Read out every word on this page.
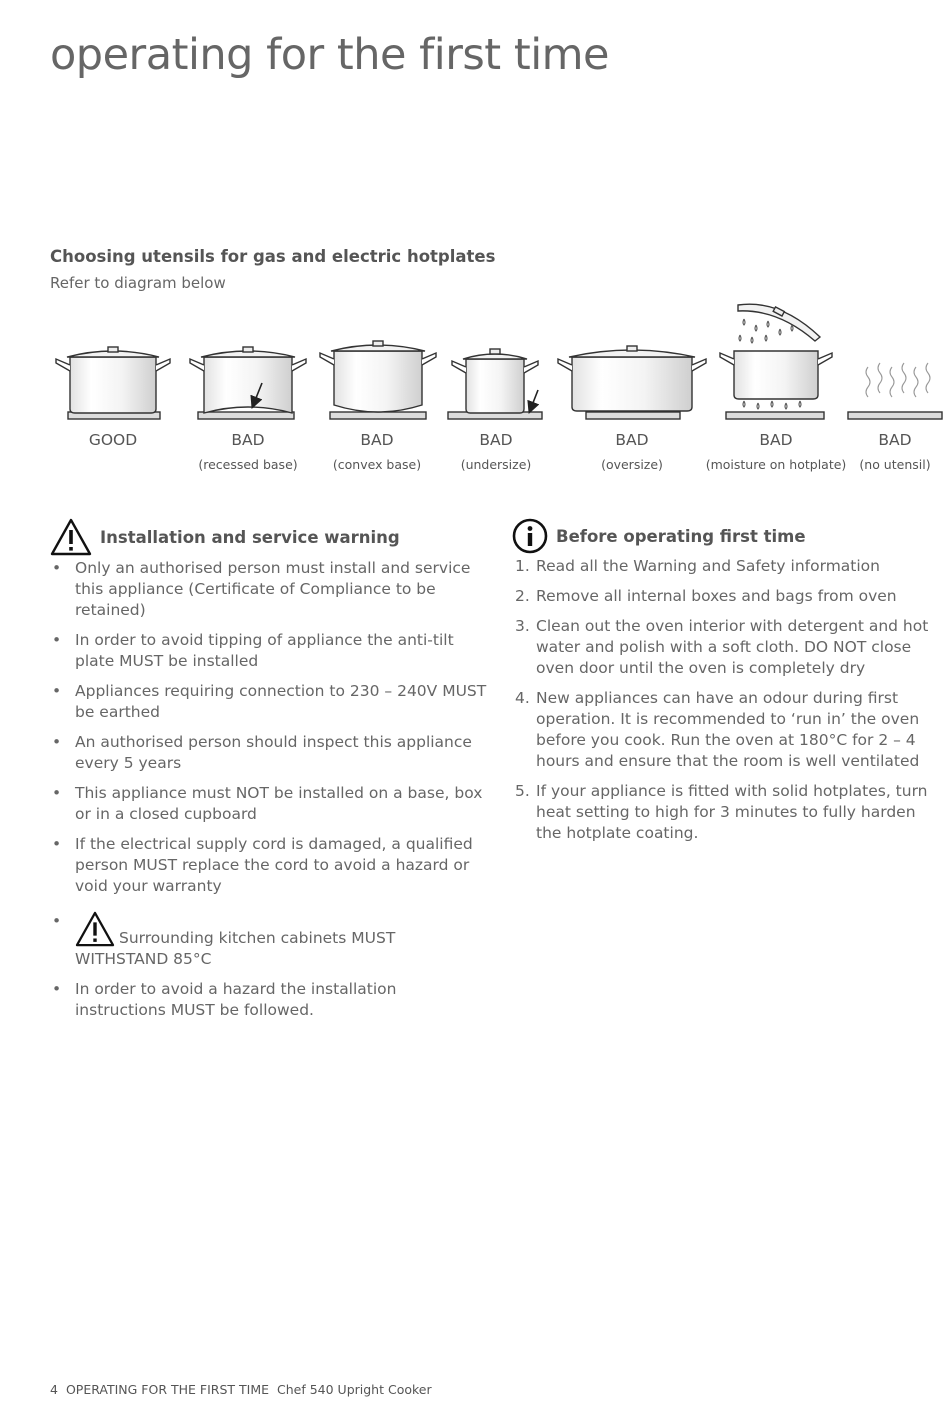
operating for the first time
Choosing utensils for gas and electric hotplates

Refer to diagram below

GOOD	BAD
(recessed base)
BAD
(convex base)
BAD
(undersize)
BAD
(oversize)
BAD
(moisture on hotplate)
BAD
(no utensil)
Installation and service warning
• Only an authorised person must install and service this appliance (Certificate of Compliance to be retained)
• In order to avoid tipping of appliance the anti-tilt plate MUST be installed
• Appliances requiring connection to 230 – 240V MUST be earthed
• An authorised person should inspect this appliance every 5 years
• This appliance must NOT be installed on a base, box or in a closed cupboard
• If the electrical supply cord is damaged, a qualified person MUST replace the cord to avoid a hazard or void your warranty
• Surrounding kitchen cabinets MUST WITHSTAND 85°C
• In order to avoid a hazard the installation instructions MUST be followed.
Before operating first time
1. Read all the Warning and Safety information
2. Remove all internal boxes and bags from oven
3. Clean out the oven interior with detergent and hot water and polish with a soft cloth. DO NOT close oven door until the oven is completely dry
4. New appliances can have an odour during first operation. It is recommended to ‘run in’ the oven before you cook. Run the oven at 180°C for 2 – 4 hours and ensure that the room is well ventilated
5. If your appliance is fitted with solid hotplates, turn heat setting to high for 3 minutes to fully harden the hotplate coating.
4 OPERATING FOR THE FIRST TIME Chef 540 Upright Cooker
